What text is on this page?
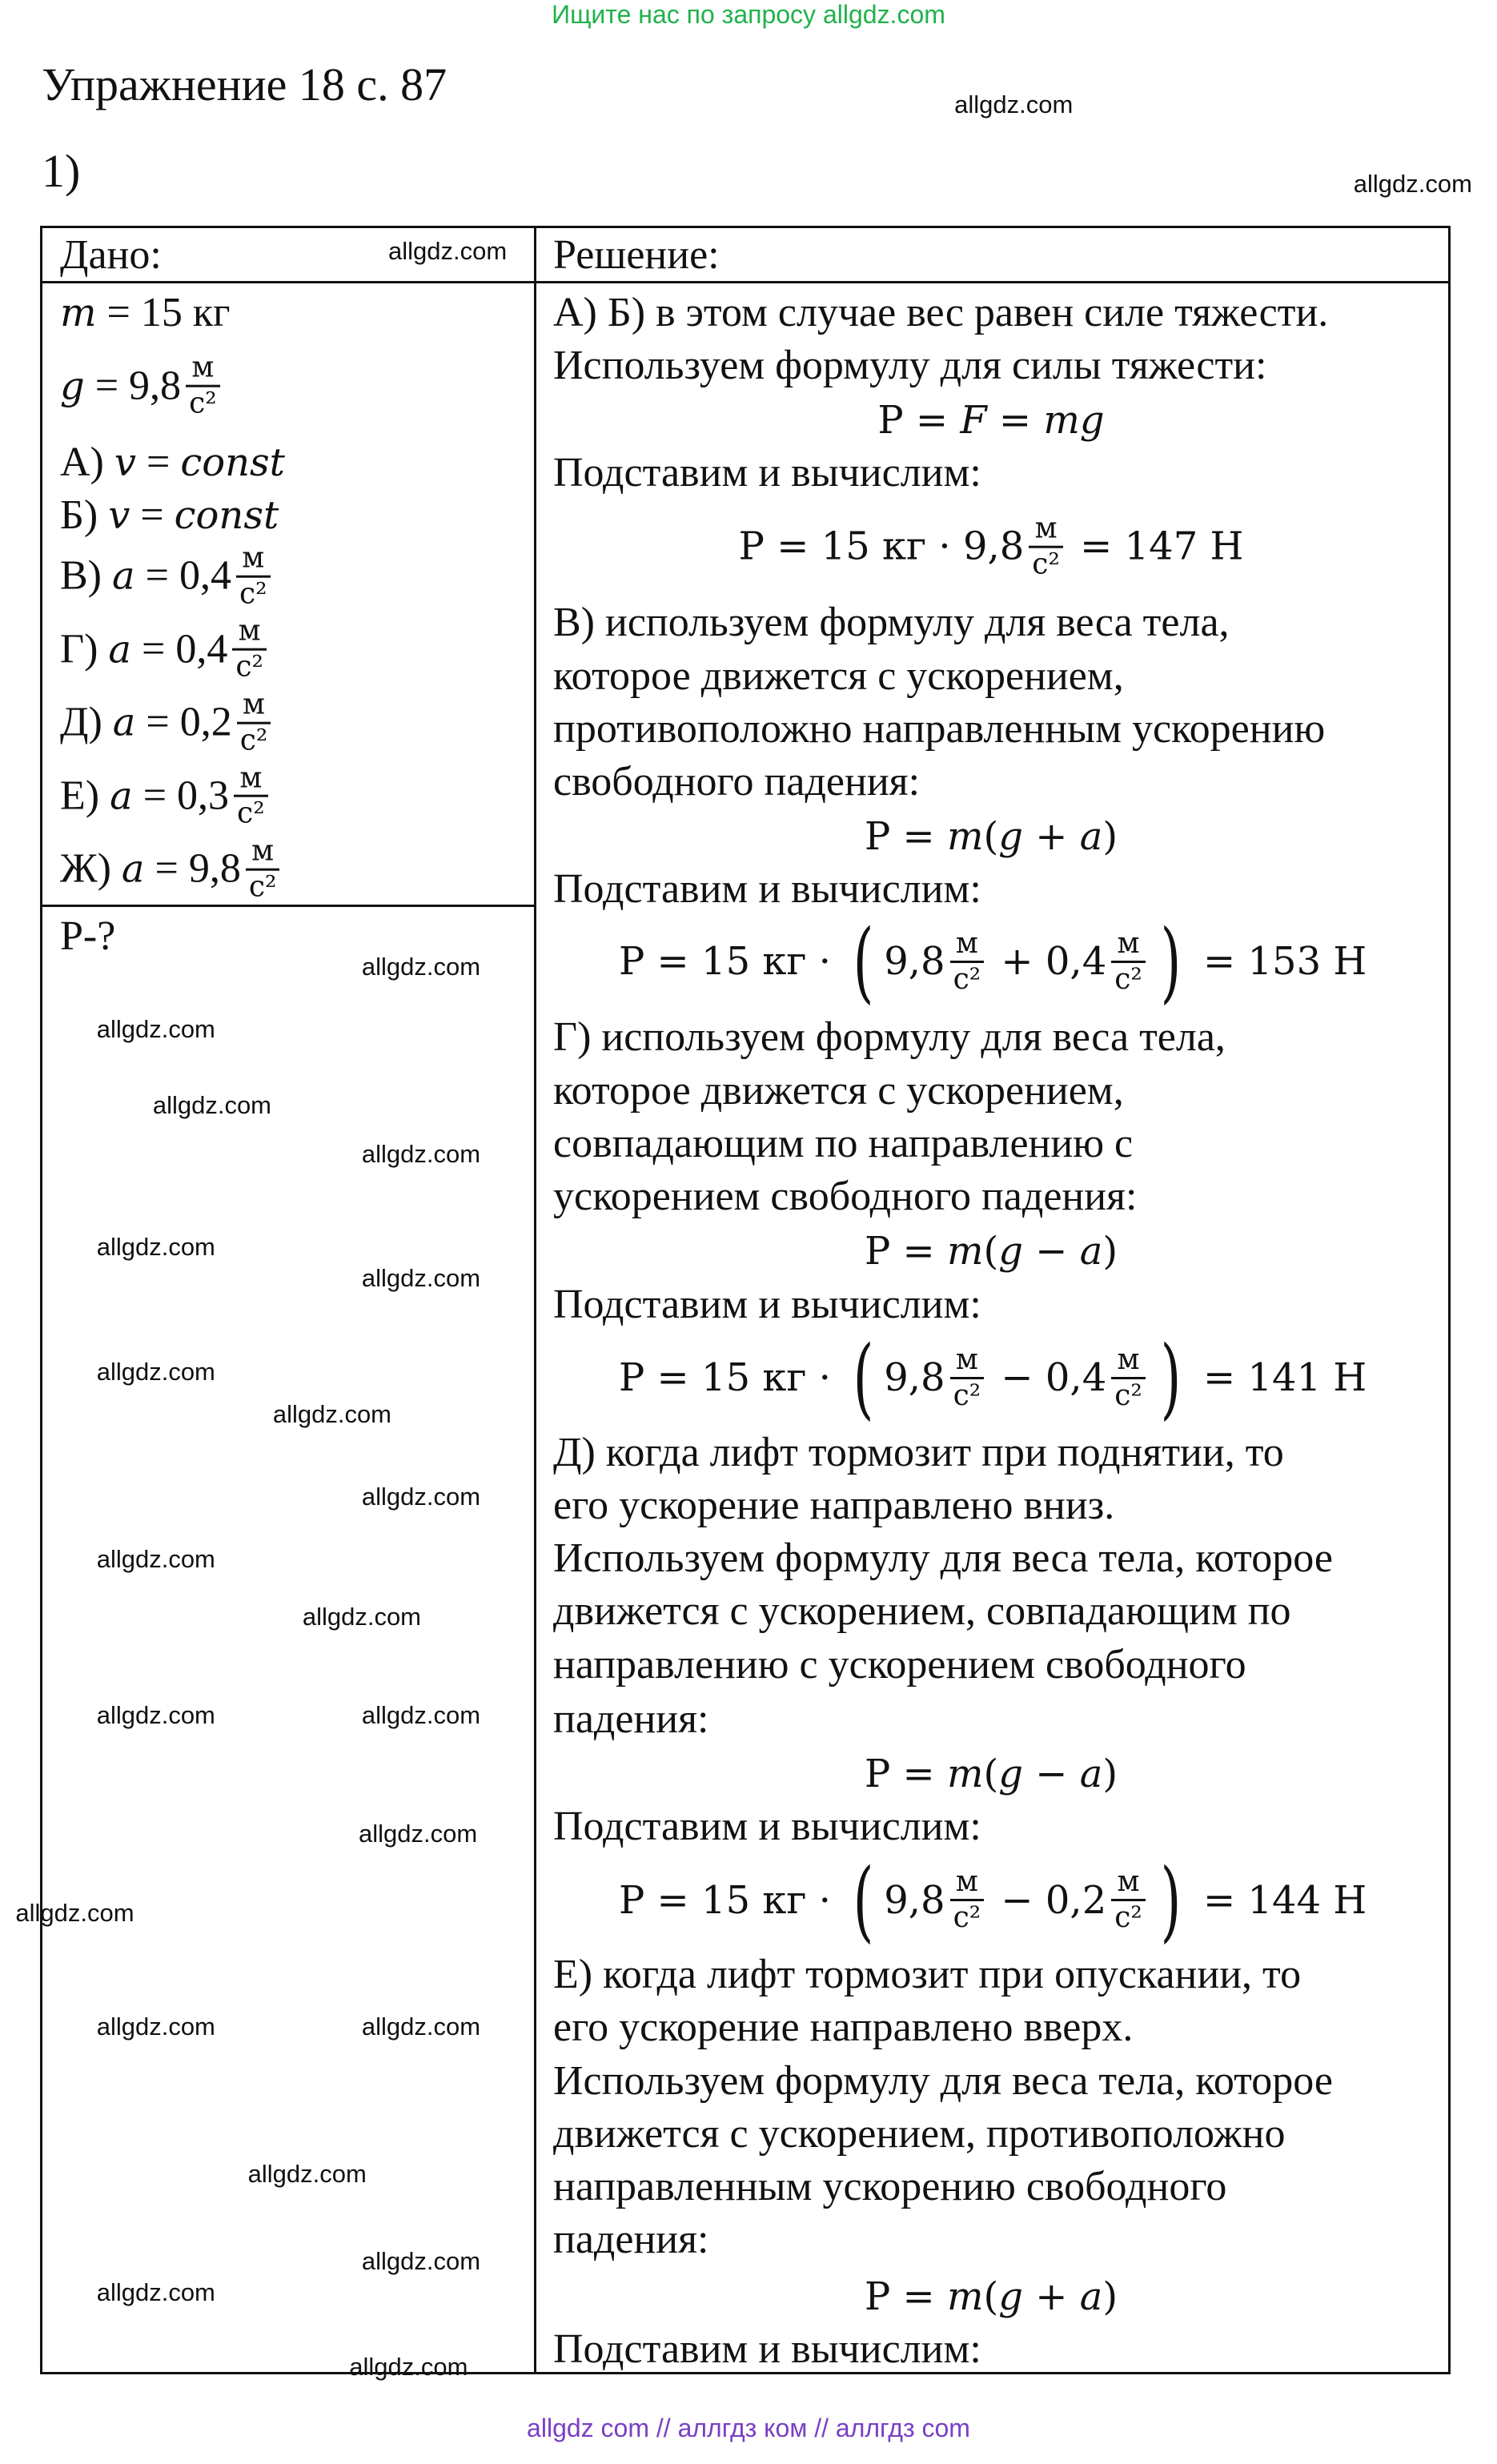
Ищите нас по запросу allgdz.com
Упражнение 18 с. 87
1)
Дано:	Решение:
P-?
m = 15 кг
$g = 9,8 \frac{м}{\text{с²}}$
А) v = const
Б) v = const
В) $a = 0,4 \frac{м}{\text{с²}}$
Г) $a = 0,4 \frac{м}{\text{с²}}$
Д) $a = 0,2 \frac{м}{\text{с²}}$
Е) $a = 0,3 \frac{м}{\text{с²}}$
Ж) $a = 9,8 \frac{м}{\text{с²}}$
А) Б) в этом случае вес равен силе тяжести.
Используем формулу для силы тяжести:
P = F = mg
Подставим и вычислим:
P = 15 кг · $9,8 \frac{м}{\text{с²}} = 147$ Н
В) используем формулу для веса тела,
которое движется с ускорением,
противоположно направленным ускорению
свободного падения:
P = m ( g + a )
Подставим и вычислим:
P = 15 кг · ( $9,8 \frac{м}{\text{с²}} + 0,4 \frac{м}{\text{с²}}$ ) = 153 Н
Г) используем формулу для веса тела,
которое движется с ускорением,
совпадающим по направлению с
ускорением свободного падения:
P = m ( g − a )
Подставим и вычислим:
P = 15 кг · ( $9,8 \frac{м}{\text{с²}} - 0,4 \frac{м}{\text{с²}}$ ) = 141 Н
Д) когда лифт тормозит при поднятии, то
его ускорение направлено вниз.
Используем формулу для веса тела, которое
движется с ускорением, совпадающим по
направлению с ускорением свободного
падения:
P = m ( g − a )
Подставим и вычислим:
P = 15 кг · ( $9,8 \frac{м}{\text{с²}} - 0,2 \frac{м}{\text{с²}}$ ) = 144 Н
Е) когда лифт тормозит при опускании, то
его ускорение направлено вверх.
Используем формулу для веса тела, которое
движется с ускорением, противоположно
направленным ускорению свободного
падения:
P = m ( g + a )
Подставим и вычислим:
allgdz com // аллгдз ком // аллгдз com
allgdz.com
allgdz.com
allgdz.com
allgdz.com
allgdz.com
allgdz.com
allgdz.com
allgdz.com
allgdz.com
allgdz.com
allgdz.com
allgdz.com
allgdz.com
allgdz.com
allgdz.com
allgdz.com
allgdz.com
allgdz.com
allgdz.com
allgdz.com
allgdz.com
allgdz.com
allgdz.com
allgdz.com
